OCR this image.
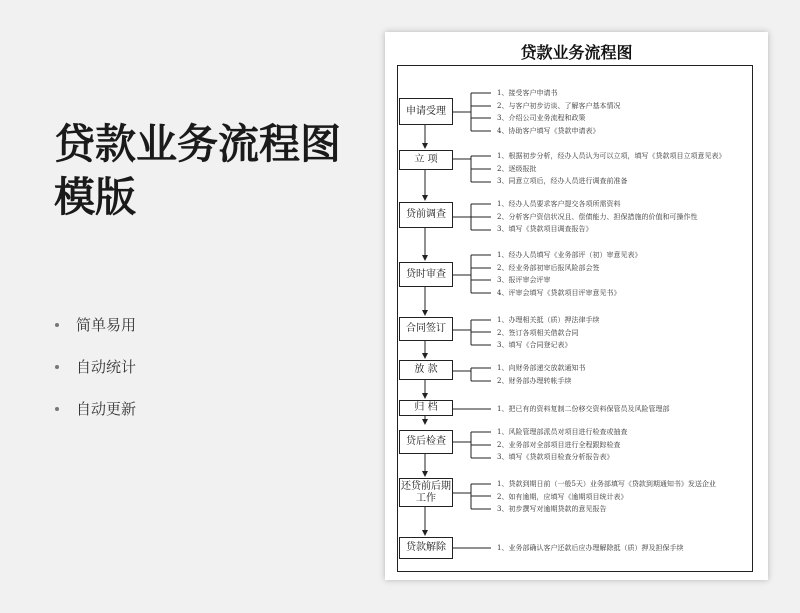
贷款业务流程图
模版
简单易用
自动统计
自动更新
贷款业务流程图
申请受理
立 项
贷前调查
贷时审查
合同签订
放 款
归 档
贷后检查
还贷前后期工作
贷款解除
1、接受客户申请书
2、与客户初步访谈、了解客户基本情况
3、介绍公司业务流程和政策
4、协助客户填写《贷款申请表》
1、根据初步分析，经办人员认为可以立项，填写《贷款项目立项意见表》
2、逐级报批
3、同意立项后，经办人员进行调查前准备
1、经办人员要求客户提交各项所需资料
2、分析客户资信状况且、偿债能力、担保措施的价值和可操作性
3、填写《贷款项目调查报告》
1、经办人员填写《业务部评（初）审意见表》
2、经业务部初审后报风险部会签
3、报评审会评审
4、评审会填写《贷款项目评审意见书》
1、办理相关抵（质）押法律手续
2、签订各项相关借款合同
3、填写《合同登记表》
1、向财务部递交放款通知书
2、财务部办理转帐手续
1、把已有的资料复制二份移交资料保管员及风险管理部
1、风险管理部派员对项目进行检查或抽查
2、业务部对全部项目进行全程跟踪检查
3、填写《贷款项目检查分析报告表》
1、贷款到期日前（一般5天）业务部填写《贷款到期通知书》发送企业
2、如有逾期，应填写《逾期项目统计表》
3、初步撰写对逾期贷款的意见报告
1、业务部确认客户还款后应办理解除抵（质）押及担保手续
